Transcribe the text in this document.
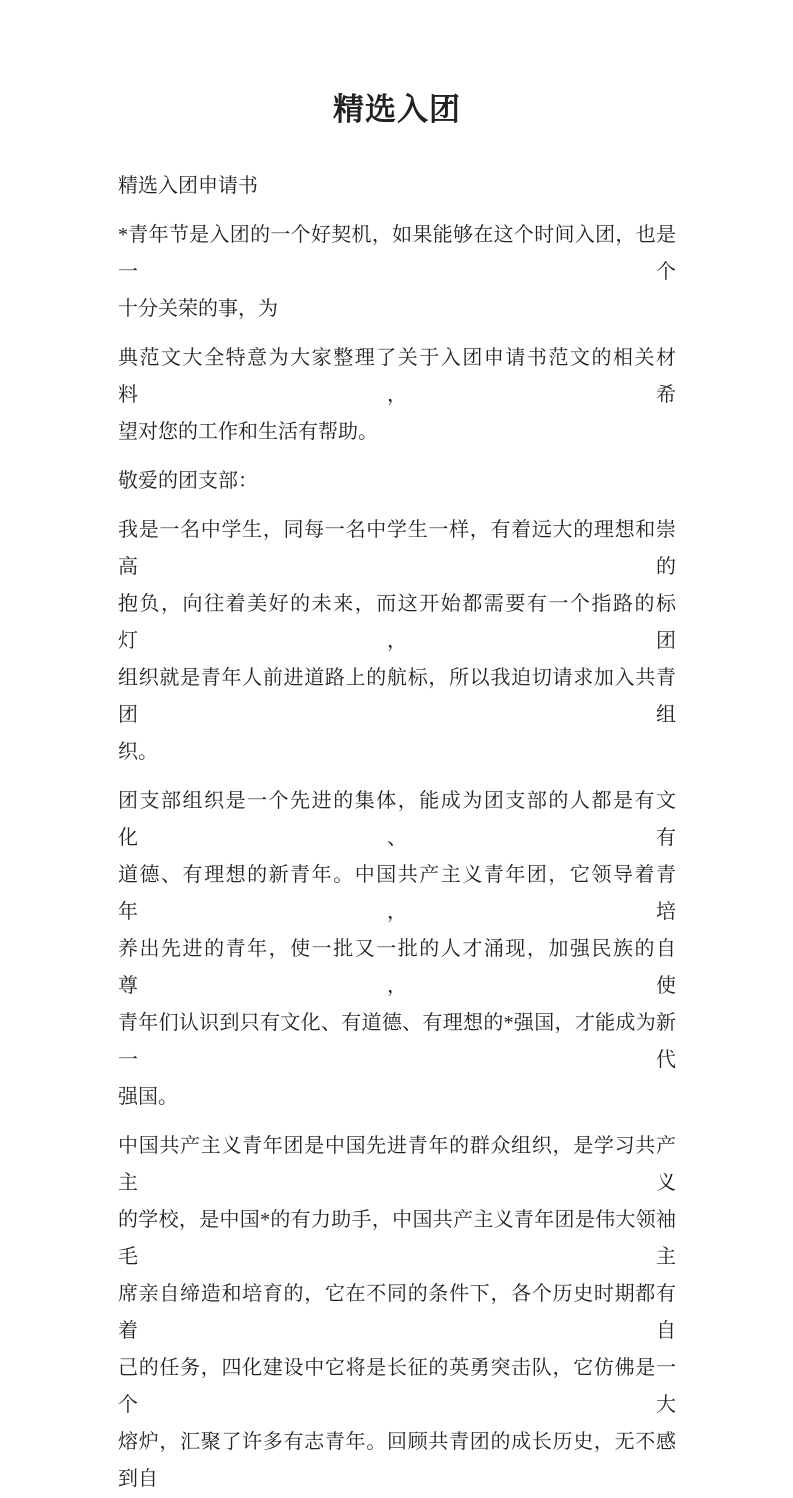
精选入团

精选入团申请书

*青年节是入团的一个好契机，如果能够在这个时间入团，也是一个
十分关荣的事，为

典范文大全特意为大家整理了关于入团申请书范文的相关材料，希
望对您的工作和生活有帮助。

敬爱的团支部：

我是一名中学生，同每一名中学生一样，有着远大的理想和崇高的
抱负，向往着美好的未来，而这开始都需要有一个指路的标灯，团
组织就是青年人前进道路上的航标，所以我迫切请求加入共青团组
织。

团支部组织是一个先进的集体，能成为团支部的人都是有文化、有
道德、有理想的新青年。中国共产主义青年团，它领导着青年，培
养出先进的青年，使一批又一批的人才涌现，加强民族的自尊，使
青年们认识到只有文化、有道德、有理想的*强国，才能成为新一代
强国。

中国共产主义青年团是中国先进青年的群众组织，是学习共产主义
的学校，是中国*的有力助手，中国共产主义青年团是伟大领袖毛主
席亲自缔造和培育的，它在不同的条件下，各个历史时期都有着自
己的任务，四化建设中它将是长征的英勇突击队，它仿佛是一个大
熔炉，汇聚了许多有志青年。回顾共青团的成长历史，无不感到自
